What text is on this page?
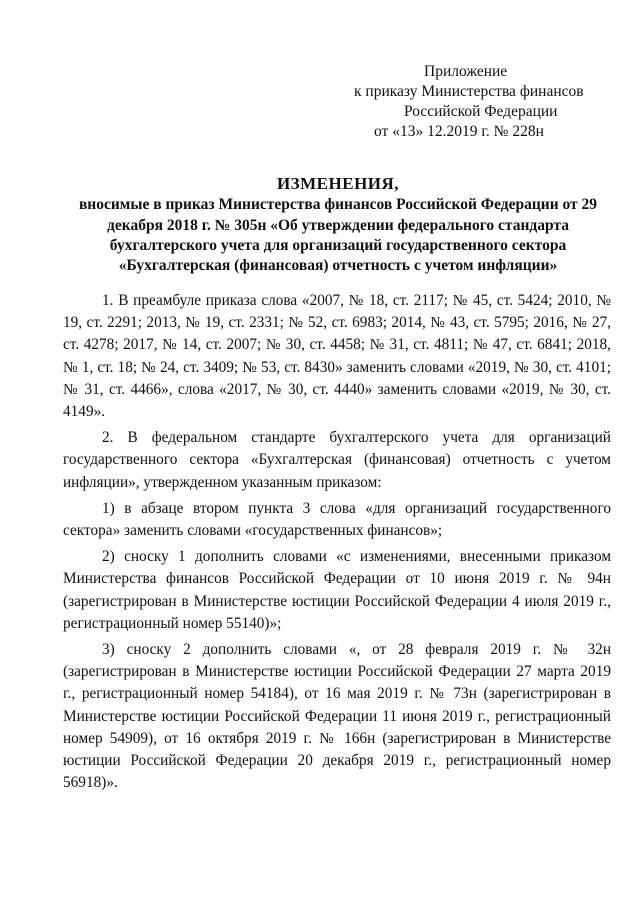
Приложение
к приказу Министерства финансов
Российской Федерации
от «13» 12.2019 г. № 228н
ИЗМЕНЕНИЯ,
вносимые в приказ Министерства финансов Российской Федерации от 29 декабря 2018 г. № 305н «Об утверждении федерального стандарта бухгалтерского учета для организаций государственного сектора «Бухгалтерская (финансовая) отчетность с учетом инфляции»

1. В преамбуле приказа слова «2007, № 18, ст. 2117; № 45, ст. 5424; 2010, № 19, ст. 2291; 2013, № 19, ст. 2331; № 52, ст. 6983; 2014, № 43, ст. 5795; 2016, № 27, ст. 4278; 2017, № 14, ст. 2007; № 30, ст. 4458; № 31, ст. 4811; № 47, ст. 6841; 2018, № 1, ст. 18; № 24, ст. 3409; № 53, ст. 8430» заменить словами «2019, № 30, ст. 4101; № 31, ст. 4466», слова «2017, № 30, ст. 4440» заменить словами «2019, № 30, ст. 4149».

2. В федеральном стандарте бухгалтерского учета для организаций государственного сектора «Бухгалтерская (финансовая) отчетность с учетом инфляции», утвержденном указанным приказом:

1) в абзаце втором пункта 3 слова «для организаций государственного сектора» заменить словами «государственных финансов»;

2) сноску 1 дополнить словами «с изменениями, внесенными приказом Министерства финансов Российской Федерации от 10 июня 2019 г. № 94н (зарегистрирован в Министерстве юстиции Российской Федерации 4 июля 2019 г., регистрационный номер 55140)»;

3) сноску 2 дополнить словами «, от 28 февраля 2019 г. № 32н (зарегистрирован в Министерстве юстиции Российской Федерации 27 марта 2019 г., регистрационный номер 54184), от 16 мая 2019 г. № 73н (зарегистрирован в Министерстве юстиции Российской Федерации 11 июня 2019 г., регистрационный номер 54909), от 16 октября 2019 г. № 166н (зарегистрирован в Министерстве юстиции Российской Федерации 20 декабря 2019 г., регистрационный номер 56918)».
